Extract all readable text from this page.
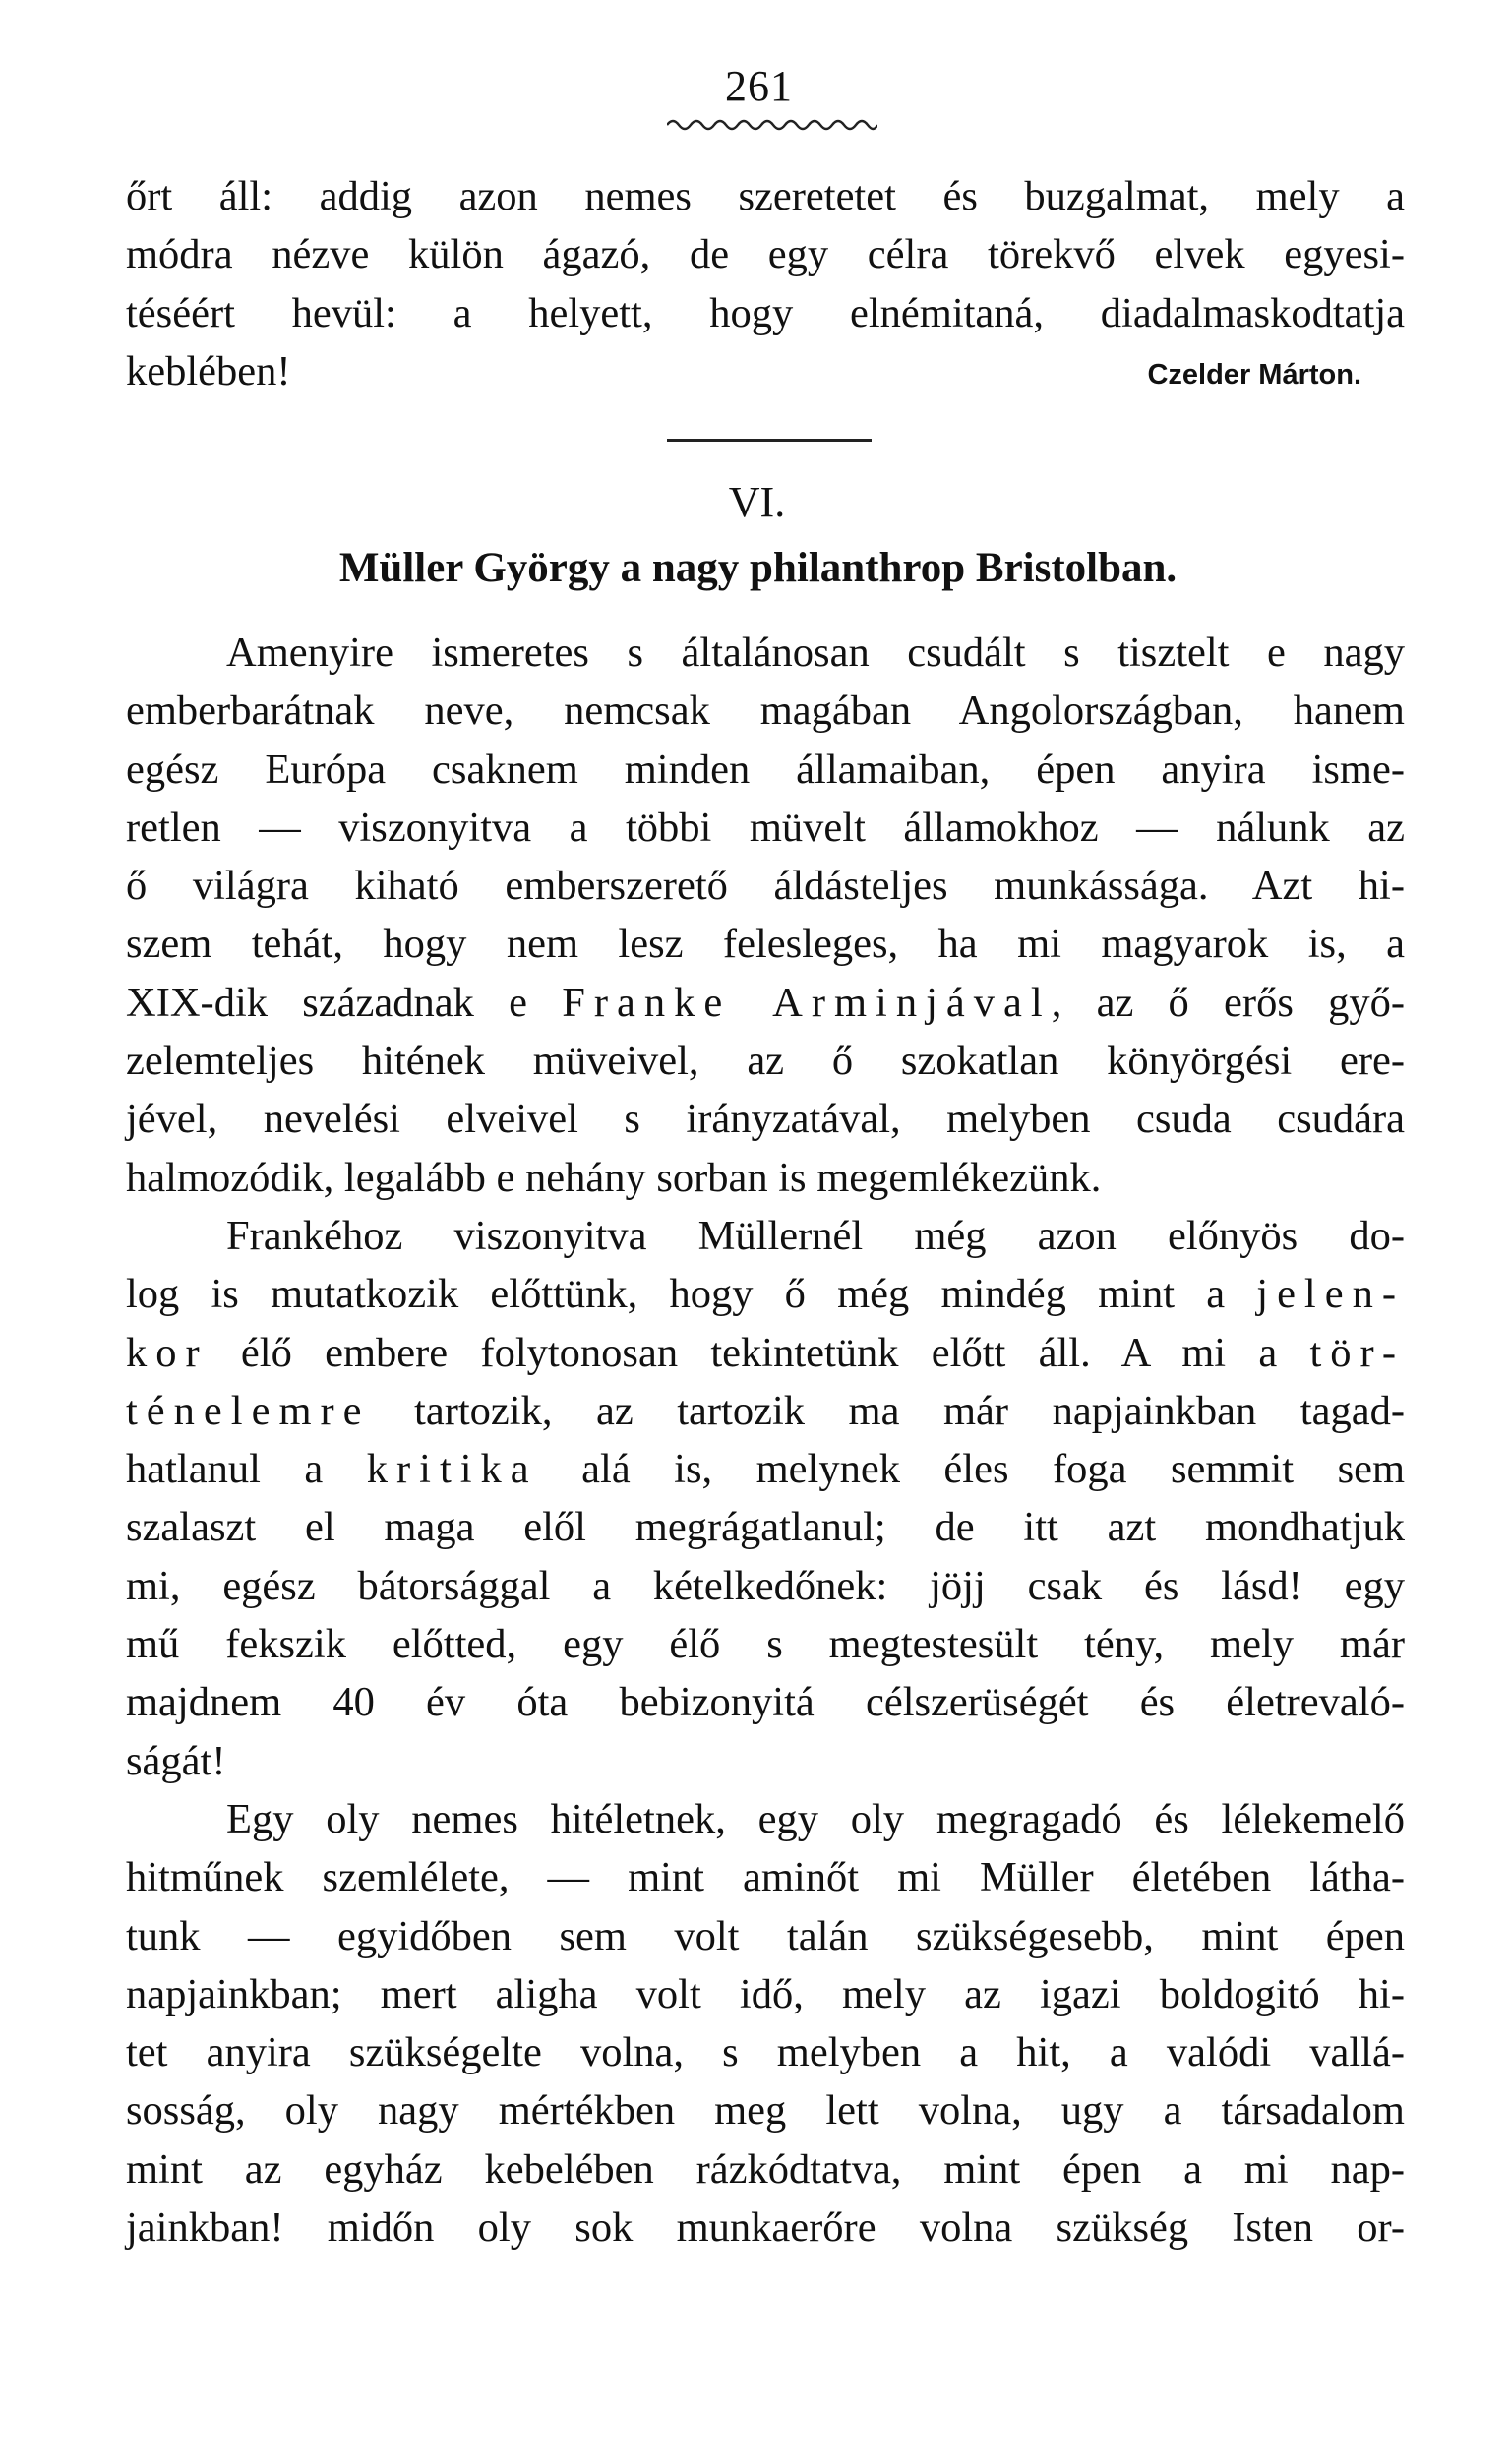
261
őrt áll: addig azon nemes szeretetet és buzgalmat, mely a
módra nézve külön ágazó, de egy célra törekvő elvek egyesi-
téséért hevül: a helyett, hogy elnémitaná, diadalmaskodtatja
keblében!	Czelder Márton.
VI.
Müller György a nagy philanthrop Bristolban.
Amenyire ismeretes s általánosan csudált s tisztelt e nagy
emberbarátnak neve, nemcsak magában Angolországban, hanem
egész Európa csaknem minden államaiban, épen anyira isme-
retlen — viszonyitva a többi müvelt államokhoz — nálunk az
ő világra kiható emberszerető áldásteljes munkássága. Azt hi-
szem tehát, hogy nem lesz felesleges, ha mi magyarok is, a
XIX-dik századnak e Franke Arminjával, az ő erős győ-
zelemteljes hitének müveivel, az ő szokatlan könyörgési ere-
jével, nevelési elveivel s irányzatával, melyben csuda csudára
halmozódik, legalább e nehány sorban is megemlékezünk.
Frankéhoz viszonyitva Müllernél még azon előnyös do-
log is mutatkozik előttünk, hogy ő még mindég mint a jelen-
kor élő embere folytonosan tekintetünk előtt áll. A mi a tör-
ténelemre tartozik, az tartozik ma már napjainkban tagad-
hatlanul a kritika alá is, melynek éles foga semmit sem
szalaszt el maga elől megrágatlanul; de itt azt mondhatjuk
mi, egész bátorsággal a kételkedőnek: jöjj csak és lásd! egy
mű fekszik előtted, egy élő s megtestesült tény, mely már
majdnem 40 év óta bebizonyitá célszerüségét és életrevaló-
ságát!
Egy oly nemes hitéletnek, egy oly megragadó és lélekemelő
hitműnek szemlélete, — mint aminőt mi Müller életében látha-
tunk — egyidőben sem volt talán szükségesebb, mint épen
napjainkban; mert aligha volt idő, mely az igazi boldogitó hi-
tet anyira szükségelte volna, s melyben a hit, a valódi vallá-
sosság, oly nagy mértékben meg lett volna, ugy a társadalom
mint az egyház kebelében rázkódtatva, mint épen a mi nap-
jainkban! midőn oly sok munkaerőre volna szükség Isten or-
